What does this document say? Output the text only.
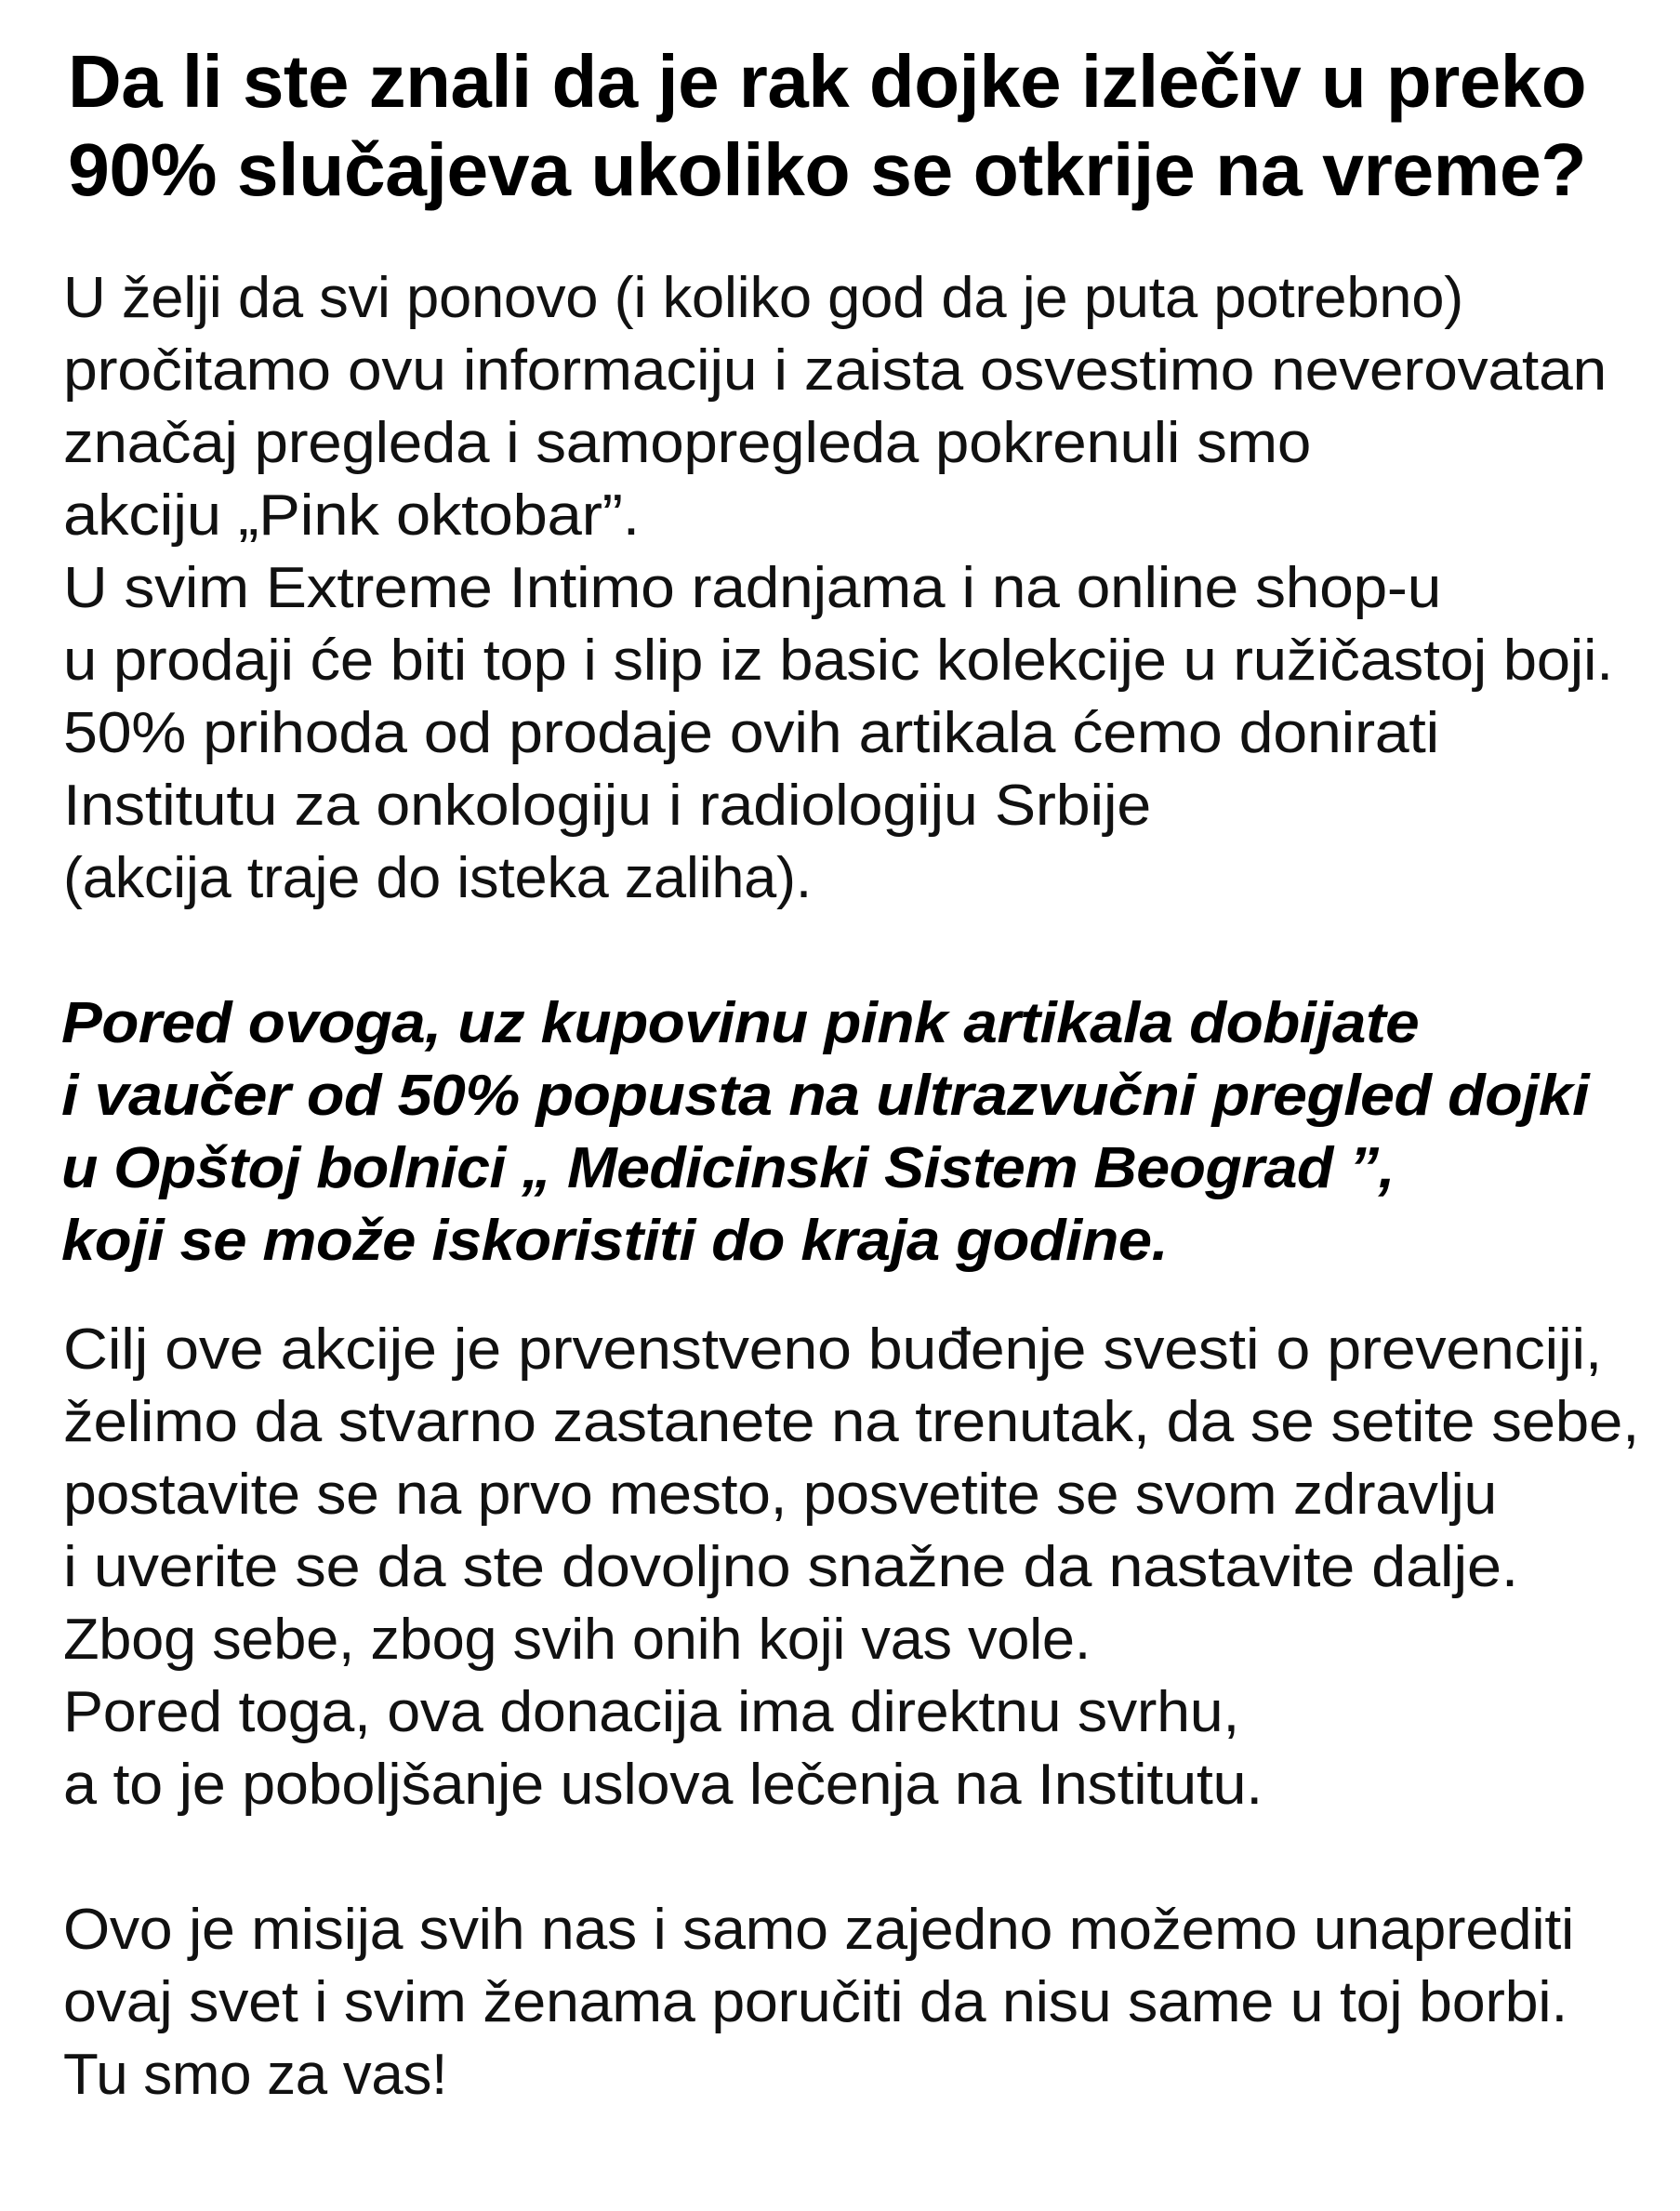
Da li ste znali da je rak dojke izlečiv u preko
90% slučajeva ukoliko se otkrije na vreme?
U želji da svi ponovo (i koliko god da je puta potrebno)
pročitamo ovu informaciju i zaista osvestimo neverovatan
značaj pregleda i samopregleda pokrenuli smo
akciju „Pink oktobar”.
U svim Extreme Intimo radnjama i na online shop-u
u prodaji će biti top i slip iz basic kolekcije u ružičastoj boji.
50% prihoda od prodaje ovih artikala ćemo donirati
Institutu za onkologiju i radiologiju Srbije
(akcija traje do isteka zaliha).
Pored ovoga, uz kupovinu pink artikala dobijate
i vaučer od 50% popusta na ultrazvučni pregled dojki
u Opštoj bolnici „ Medicinski Sistem Beograd ”,
koji se može iskoristiti do kraja godine.
Cilj ove akcije je prvenstveno buđenje svesti o prevenciji,
želimo da stvarno zastanete na trenutak, da se setite sebe,
postavite se na prvo mesto, posvetite se svom zdravlju
i uverite se da ste dovoljno snažne da nastavite dalje.
Zbog sebe, zbog svih onih koji vas vole.
Pored toga, ova donacija ima direktnu svrhu,
a to je poboljšanje uslova lečenja na Institutu.
Ovo je misija svih nas i samo zajedno možemo unaprediti
ovaj svet i svim ženama poručiti da nisu same u toj borbi.
Tu smo za vas!
